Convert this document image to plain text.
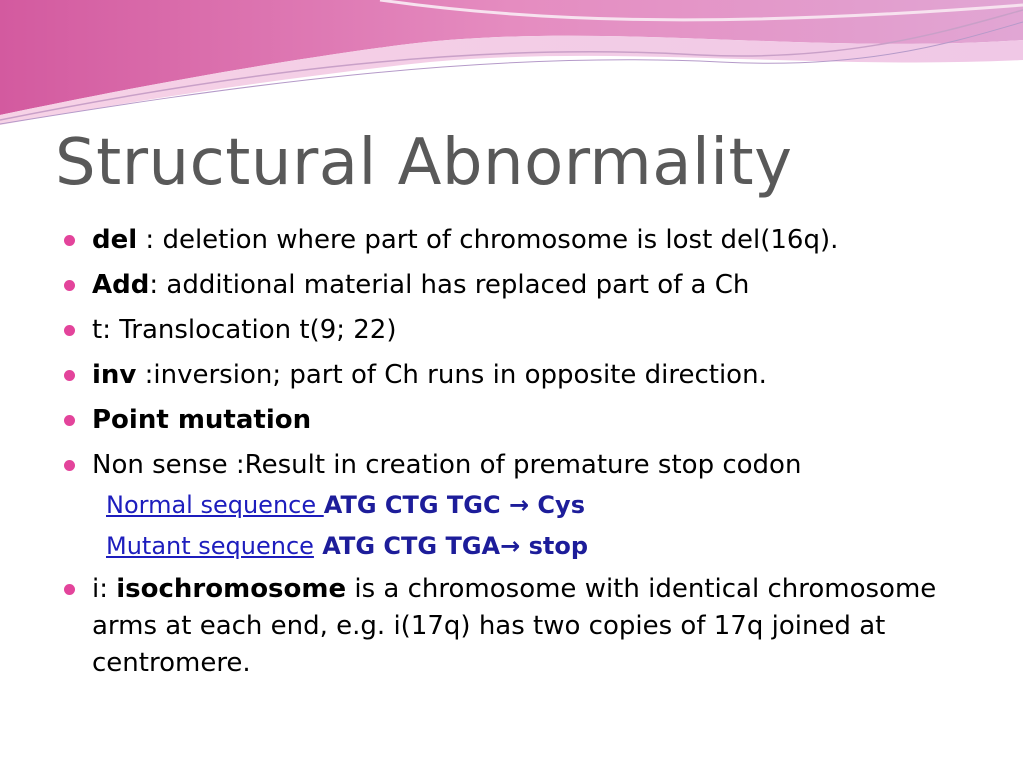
Structural Abnormality
del : deletion where part of chromosome is lost del(16q).
Add: additional material has replaced part of a Ch
t: Translocation t(9; 22)
inv :inversion; part of Ch runs in opposite direction.
Point mutation
Non sense :Result in creation of premature stop codon
Normal sequence ATG CTG TGC → Cys
Mutant sequence ATG CTG TGA→ stop
i: isochromosome is a chromosome with identical chromosome arms at each end, e.g. i(17q) has two copies of 17q joined at centromere.
